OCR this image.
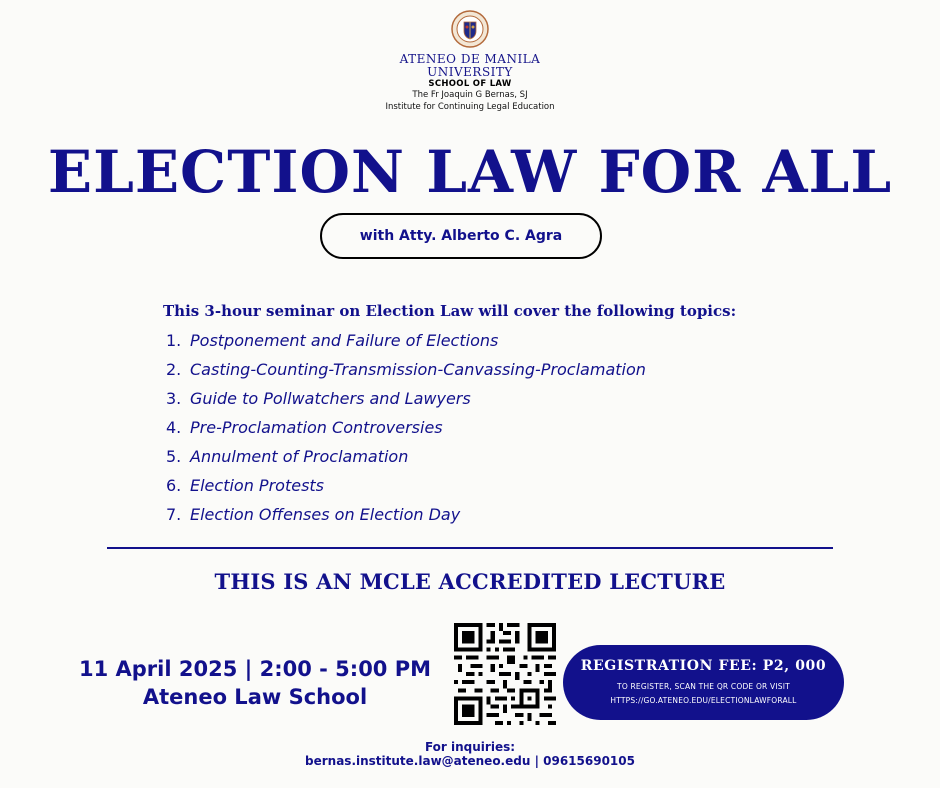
ATENEO DE MANILA
UNIVERSITY
SCHOOL OF LAW
The Fr Joaquin G Bernas, SJ
Institute for Continuing Legal Education
ELECTION LAW FOR ALL
with Atty. Alberto C. Agra
This 3-hour seminar on Election Law will cover the following topics:
1. Postponement and Failure of Elections
2. Casting-Counting-Transmission-Canvassing-Proclamation
3. Guide to Pollwatchers and Lawyers
4. Pre-Proclamation Controversies
5. Annulment of Proclamation
6. Election Protests
7. Election Offenses on Election Day
THIS IS AN MCLE ACCREDITED LECTURE
11 April 2025 | 2:00 - 5:00 PM
Ateneo Law School
REGISTRATION FEE: P2, 000
TO REGISTER, SCAN THE QR CODE OR VISIT
HTTPS://GO.ATENEO.EDU/ELECTIONLAWFORALL
For inquiries:
bernas.institute.law@ateneo.edu | 09615690105
